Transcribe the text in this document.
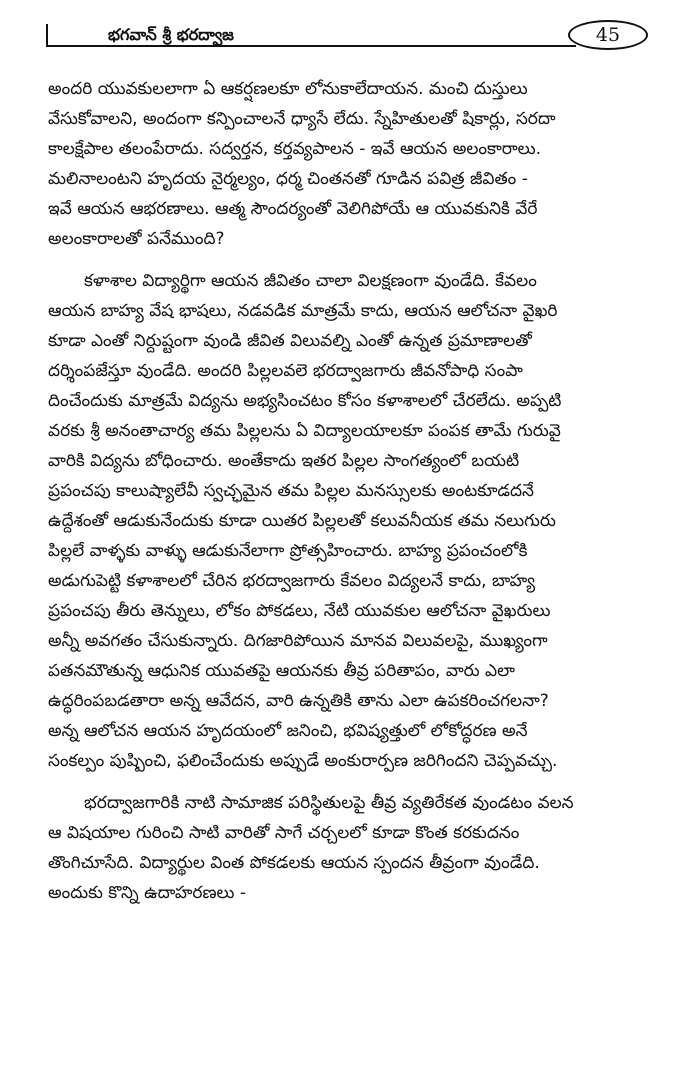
భగవాన్ శ్రీ భరద్వాజ	45
అందరి యువకులలాగా ఏ ఆకర్షణలకూ లోనుకాలేదాయన. మంచి దుస్తులు
వేసుకోవాలని, అందంగా కన్పించాలనే ధ్యాసే లేదు. స్నేహితులతో షికార్లు, సరదా
కాలక్షేపాల తలంపేరాదు. సద్వర్తన, కర్తవ్యపాలన - ఇవే ఆయన అలంకారాలు.
మలినాలంటని హృదయ నైర్మల్యం, ధర్మ చింతనతో గూడిన పవిత్ర జీవితం -
ఇవే ఆయన ఆభరణాలు. ఆత్మ సౌందర్యంతో వెలిగిపోయే ఆ యువకునికి వేరే
అలంకారాలతో పనేముంది?
కళాశాల విద్యార్థిగా ఆయన జీవితం చాలా విలక్షణంగా వుండేది. కేవలం
ఆయన బాహ్య వేష భాషలు, నడవడిక మాత్రమే కాదు, ఆయన ఆలోచనా వైఖరి
కూడా ఎంతో నిర్దుష్టంగా వుండి జీవిత విలువల్ని ఎంతో ఉన్నత ప్రమాణాలతో
దర్శింపజేస్తూ వుండేది. అందరి పిల్లలవలె భరద్వాజగారు జీవనోపాధి సంపా
దించేందుకు మాత్రమే విద్యను అభ్యసించటం కోసం కళాశాలలో చేరలేదు. అప్పటి
వరకు శ్రీ అనంతాచార్య తమ పిల్లలను ఏ విద్యాలయాలకూ పంపక తామే గురువై
వారికి విద్యను బోధించారు. అంతేకాదు ఇతర పిల్లల సాంగత్యంలో బయటి
ప్రపంచపు కాలుష్యాలేవీ స్వచ్ఛమైన తమ పిల్లల మనస్సులకు అంటకూడదనే
ఉద్దేశంతో ఆడుకునేందుకు కూడా యితర పిల్లలతో కలువనీయక తమ నలుగురు
పిల్లలే వాళ్ళకు వాళ్ళు ఆడుకునేలాగా ప్రోత్సహించారు. బాహ్య ప్రపంచంలోకి
అడుగుపెట్టి కళాశాలలో చేరిన భరద్వాజగారు కేవలం విద్యలనే కాదు, బాహ్య
ప్రపంచపు తీరు తెన్నులు, లోకం పోకడలు, నేటి యువకుల ఆలోచనా వైఖరులు
అన్నీ అవగతం చేసుకున్నారు. దిగజారిపోయిన మానవ విలువలపై, ముఖ్యంగా
పతనమౌతున్న ఆధునిక యువతపై ఆయనకు తీవ్ర పరితాపం, వారు ఎలా
ఉద్ధరింపబడతారా అన్న ఆవేదన, వారి ఉన్నతికి తాను ఎలా ఉపకరించగలనా?
అన్న ఆలోచన ఆయన హృదయంలో జనించి, భవిష్యత్తులో లోకోద్ధరణ అనే
సంకల్పం పుష్పించి, ఫలించేందుకు అప్పుడే అంకురార్పణ జరిగిందని చెప్పవచ్చు.
భరద్వాజగారికి నాటి సామాజిక పరిస్థితులపై తీవ్ర వ్యతిరేకత వుండటం వలన
ఆ విషయాల గురించి సాటి వారితో సాగే చర్చలలో కూడా కొంత కరకుదనం
తొంగిచూసేది. విద్యార్థుల వింత పోకడలకు ఆయన స్పందన తీవ్రంగా వుండేది.
అందుకు కొన్ని ఉదాహరణలు -
